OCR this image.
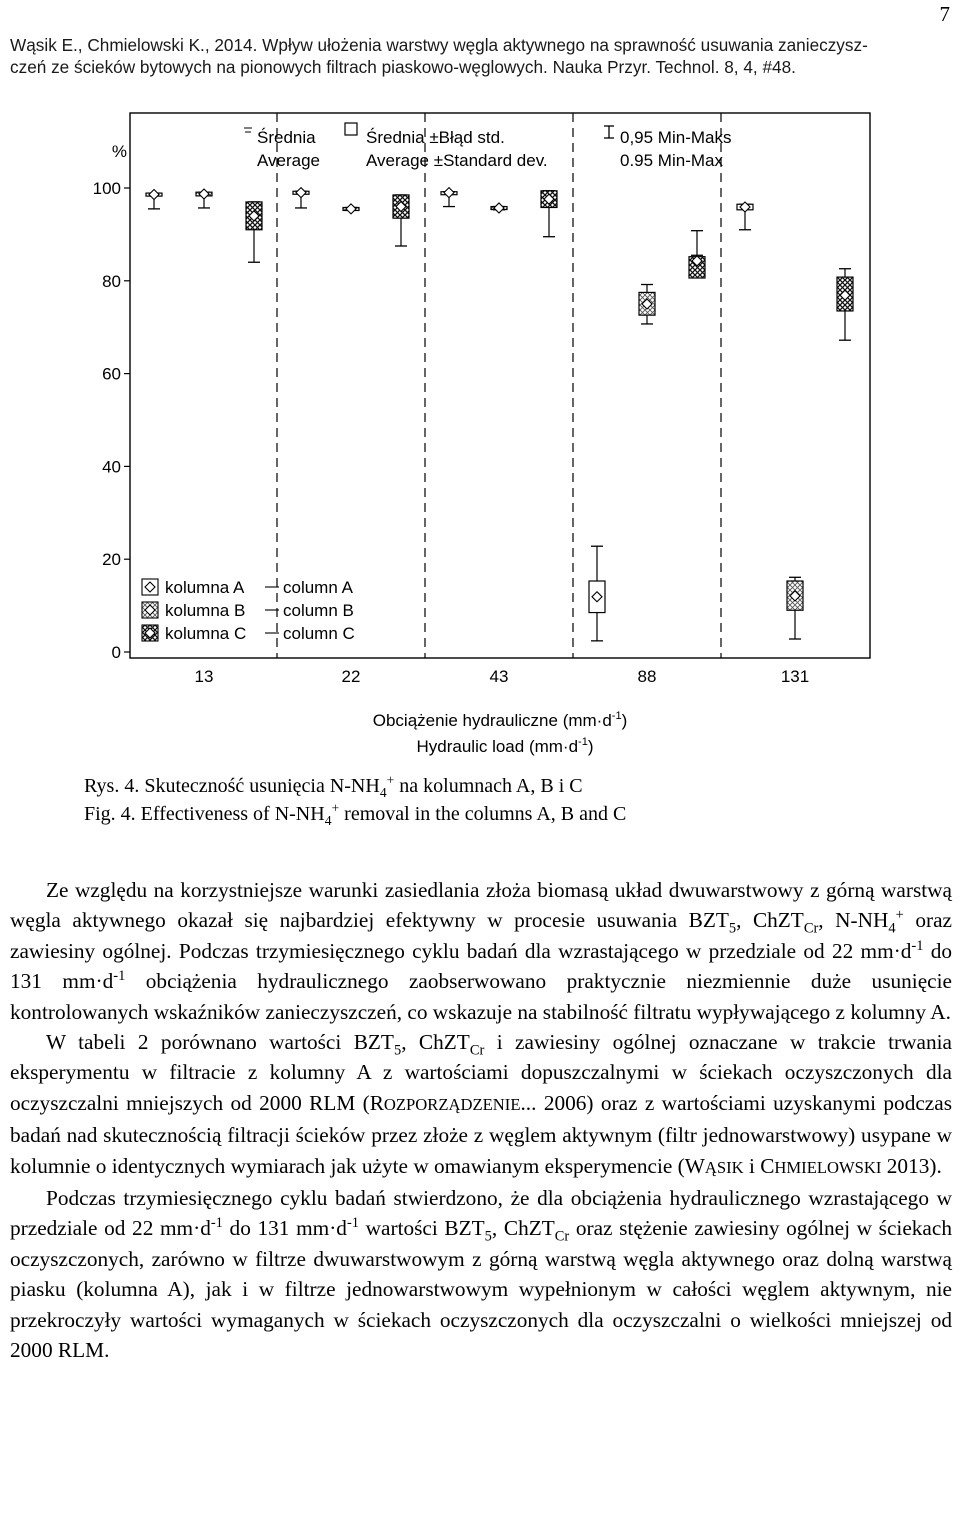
7
Wąsik E., Chmielowski K., 2014. Wpływ ułożenia warstwy węgla aktywnego na sprawność usuwania zanieczysz-
czeń ze ścieków bytowych na pionowych filtrach piaskowo-węglowych. Nauka Przyr. Technol. 8, 4, #48.
0
20
40
60
80
100
%
13	22	43	88	131
Średnia
Average
Średnia ±Błąd std.
Average ±Standard dev.
0,95 Min-Maks
0.95 Min-Max
kolumna A column A
kolumna B column B
kolumna C column C
Obciążenie hydrauliczne $(mm\cdot d^{-1})$
Hydraulic load $(mm\cdot d^{-1})$
Rys. 4. Skuteczność usunięcia $N-NH_4^+$ na kolumnach A, B i C
Fig. 4. Effectiveness of $N-NH_4^+$ removal in the columns A, B and C

Ze względu na korzystniejsze warunki zasiedlania złoża biomasą układ dwuwarstwowy z górną warstwą węgla aktywnego okazał się najbardziej efektywny w procesie usuwania $BZT_5$, ChZT$_{Cr}$, $N-NH_4^+$ oraz zawiesiny ogólnej. Podczas trzymiesięcznego cyklu badań dla wzrastającego w przedziale od 22 $mm\cdot d^{-1}$ do 131 $mm\cdot d^{-1}$ obciążenia hydraulicznego zaobserwowano praktycznie niezmiennie duże usunięcie kontrolowanych wskaźników zanieczyszczeń, co wskazuje na stabilność filtratu wypływającego z kolumny A.

W tabeli 2 porównano wartości $BZT_5$, ChZT$_{Cr}$ i zawiesiny ogólnej oznaczane w trakcie trwania eksperymentu w filtracie z kolumny A z wartościami dopuszczalnymi w ściekach oczyszczonych dla oczyszczalni mniejszych od 2000 RLM (ROZPORZĄDZENIE... 2006) oraz z wartościami uzyskanymi podczas badań nad skutecznością filtracji ścieków przez złoże z węglem aktywnym (filtr jednowarstwowy) usypane w kolumnie o identycznych wymiarach jak użyte w omawianym eksperymencie (WĄSIK i CHMIELOWSKI 2013).

Podczas trzymiesięcznego cyklu badań stwierdzono, że dla obciążenia hydraulicznego wzrastającego w przedziale od 22 $mm\cdot d^{-1}$ do 131 $mm\cdot d^{-1}$ wartości $BZT_5$, ChZT$_{Cr}$ oraz stężenie zawiesiny ogólnej w ściekach oczyszczonych, zarówno w filtrze dwuwarstwowym z górną warstwą węgla aktywnego oraz dolną warstwą piasku (kolumna A), jak i w filtrze jednowarstwowym wypełnionym w całości węglem aktywnym, nie przekroczyły wartości wymaganych w ściekach oczyszczonych dla oczyszczalni o wielkości mniejszej od 2000 RLM.
